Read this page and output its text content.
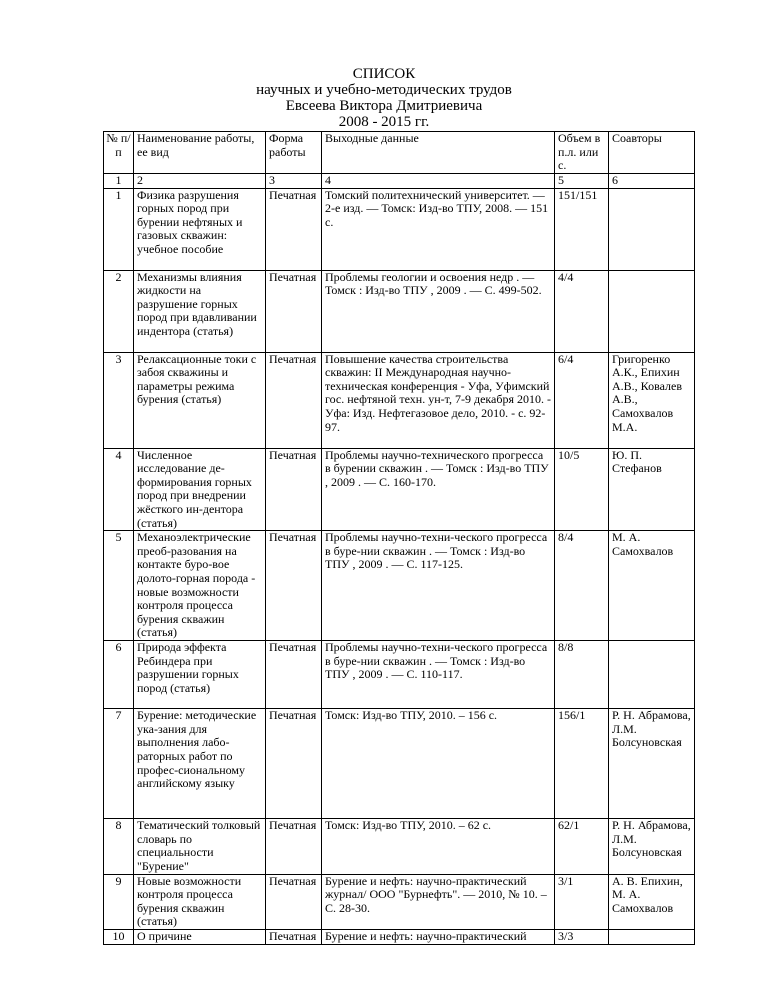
СПИСОК
научных и учебно-методических трудов
Евсеева Виктора Дмитриевича
2008 - 2015 гг.
№ п/п	Наименование работы, ее вид	Форма работы	Выходные данные	Объем в п.л. или с.	Соавторы
1	2	3	4	5	6
1	Физика разрушения горных пород при бурении нефтяных и газовых скважин: учебное пособие	Печатная	Томский политехнический университет. — 2-е изд. — Томск: Изд-во ТПУ, 2008. — 151 с.	151/151	
2	Механизмы влияния жидкости на разрушение горных пород при вдавливании индентора (статья)	Печатная	Проблемы геологии и освоения недр . — Томск : Изд-во ТПУ , 2009 . — С. 499-502.	4/4	
3	Релаксационные токи с забоя скважины и параметры режима бурения (статья)	Печатная	Повышение качества строительства скважин: II Международная научно-техническая конференция - Уфа, Уфимский гос. нефтяной техн. ун-т, 7-9 декабря 2010. - Уфа: Изд. Нефтегазовое дело, 2010. - с. 92-97.	6/4	Григоренко А.К., Епихин А.В., Ковалев А.В., Самохвалов М.А.
4	Численное исследование де-формирования горных пород при внедрении жёсткого ин-дентора (статья)	Печатная	Проблемы научно-технического прогресса в бурении скважин . — Томск : Изд-во ТПУ , 2009 . — С. 160-170.	10/5	Ю. П. Стефанов
5	Механоэлектрические преоб-разования на контакте буро-вое долото-горная порода - новые возможности контроля процесса бурения скважин (статья)	Печатная	Проблемы научно-техни-ческого прогресса в буре-нии скважин . — Томск : Изд-во ТПУ , 2009 . — С. 117-125.	8/4	М. А. Самохвалов
6	Природа эффекта Ребиндера при разрушении горных пород (статья)	Печатная	Проблемы научно-техни-ческого прогресса в буре-нии скважин . — Томск : Изд-во ТПУ , 2009 . — С. 110-117.	8/8	
7	Бурение: методические ука-зания для выполнения лабо-раторных работ по профес-сиональному английскому языку	Печатная	Томск: Изд-во ТПУ, 2010. – 156 с.	156/1	Р. Н. Абрамова, Л.М. Болсуновская
8	Тематический толковый словарь по специальности "Бурение"	Печатная	Томск: Изд-во ТПУ, 2010. – 62 с.	62/1	Р. Н. Абрамова, Л.М. Болсуновская
9	Новые возможности контроля процесса бурения скважин (статья)	Печатная	Бурение и нефть: научно-практический журнал/ ООО "Бурнефть". — 2010, № 10. – С. 28-30.	3/1	А. В. Епихин, М. А. Самохвалов
10	О причине	Печатная	Бурение и нефть: научно-практический	3/3	
